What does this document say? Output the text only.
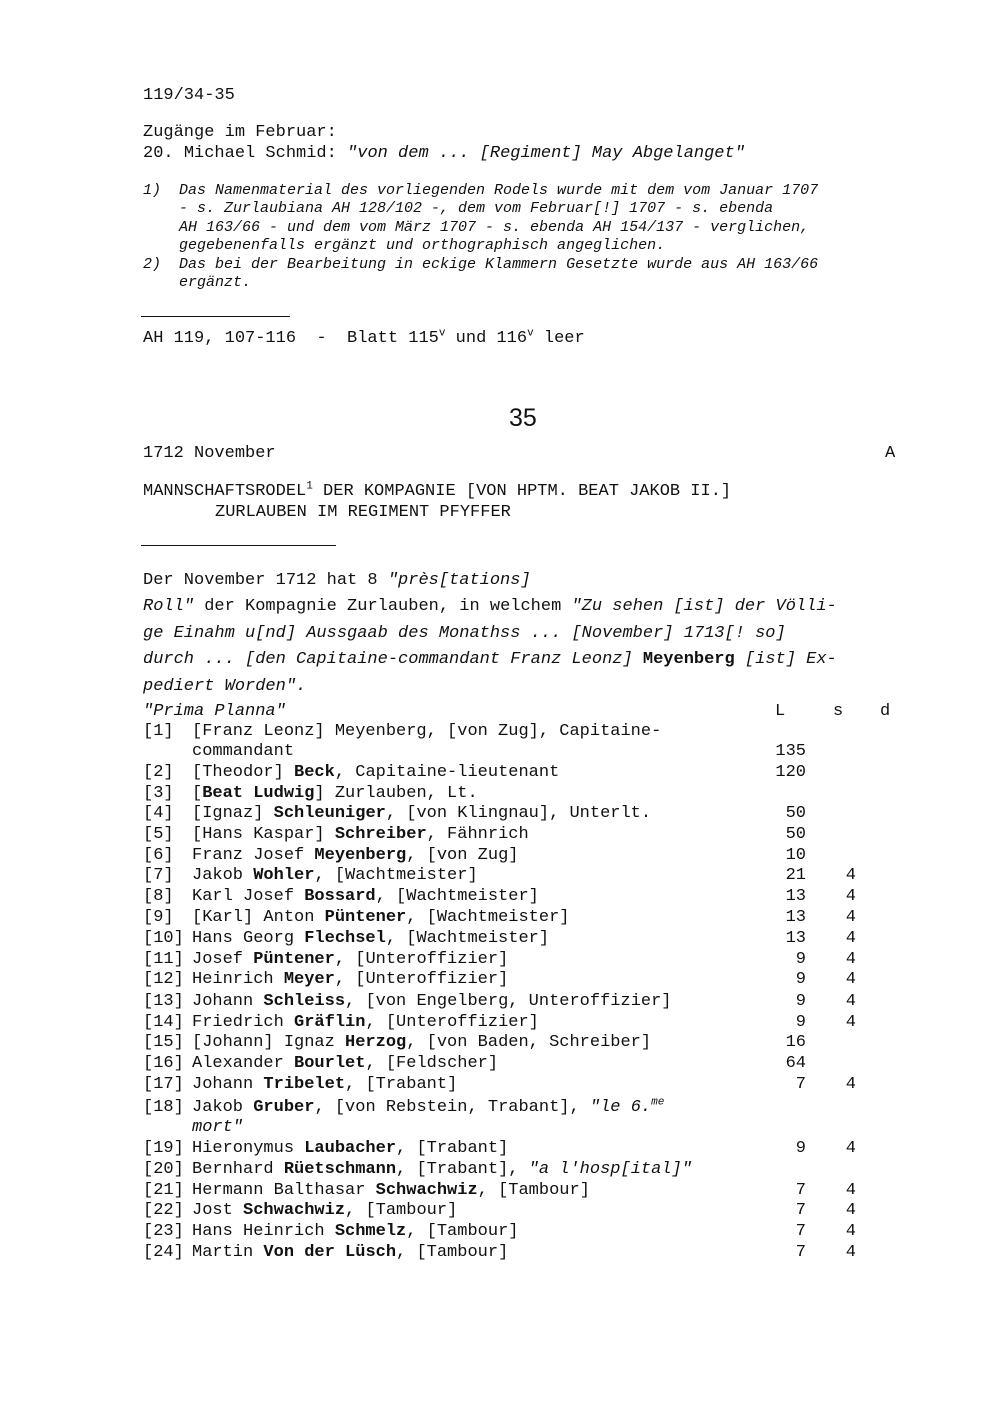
119/34-35
Zugänge im Februar:
20. Michael Schmid: "von dem ... [Regiment] May Abgelanget"
1) Das Namenmaterial des vorliegenden Rodels wurde mit dem vom Januar 1707
- s. Zurlaubiana AH 128/102 -, dem vom Februar[!] 1707 - s. ebenda
AH 163/66 - und dem vom März 1707 - s. ebenda AH 154/137 - verglichen,
gegebenenfalls ergänzt und orthographisch angeglichen.
2) Das bei der Bearbeitung in eckige Klammern Gesetzte wurde aus AH 163/66
ergänzt.
AH 119, 107-116  -  Blatt 115$^v$ und 116$^v$ leer
35
1712 November	A
MANNSCHAFTSRODEL$^1$ DER KOMPAGNIE [VON HPTM. BEAT JAKOB II.]
ZURLAUBEN IM REGIMENT PFYFFER
Der November 1712 hat 8 "près[tations]
Roll" der Kompagnie Zurlauben, in welchem "Zu sehen [ist] der Völli-
ge Einahm u[nd] Aussgaab des Monathss ... [November] 1713[! so]
durch ... [den Capitaine-commandant Franz Leonz] Meyenberg [ist] Ex-
pediert Worden".
"Prima Planna"	L	s d
[1] [Franz Leonz] Meyenberg, [von Zug], Capitaine-
commandant	135
[2] [Theodor] Beck, Capitaine-lieutenant	120
[3] [Beat Ludwig] Zurlauben, Lt.
[4] [Ignaz] Schleuniger, [von Klingnau], Unterlt.	50
[5] [Hans Kaspar] Schreiber, Fähnrich	50
[6] Franz Josef Meyenberg, [von Zug]	10
[7] Jakob Wohler, [Wachtmeister]	21	4
[8] Karl Josef Bossard, [Wachtmeister]	13	4
[9] [Karl] Anton Püntener, [Wachtmeister]	13	4
[10] Hans Georg Flechsel, [Wachtmeister]	13	4
[11] Josef Püntener, [Unteroffizier]	9	4
[12] Heinrich Meyer, [Unteroffizier]	9	4
[13] Johann Schleiss, [von Engelberg, Unteroffizier]	9	4
[14] Friedrich Gräflin, [Unteroffizier]	9	4
[15] [Johann] Ignaz Herzog, [von Baden, Schreiber]	16
[16] Alexander Bourlet, [Feldscher]	64
[17] Johann Tribelet, [Trabant]	7	4
[18] Jakob Gruber, [von Rebstein, Trabant], "le 6.$^{me}$
mort"
[19] Hieronymus Laubacher, [Trabant]	9	4
[20] Bernhard Rüetschmann, [Trabant], "a l'hosp[ital]"
[21] Hermann Balthasar Schwachwiz, [Tambour]	7	4
[22] Jost Schwachwiz, [Tambour]	7	4
[23] Hans Heinrich Schmelz, [Tambour]	7	4
[24] Martin Von der Lüsch, [Tambour]	7	4
